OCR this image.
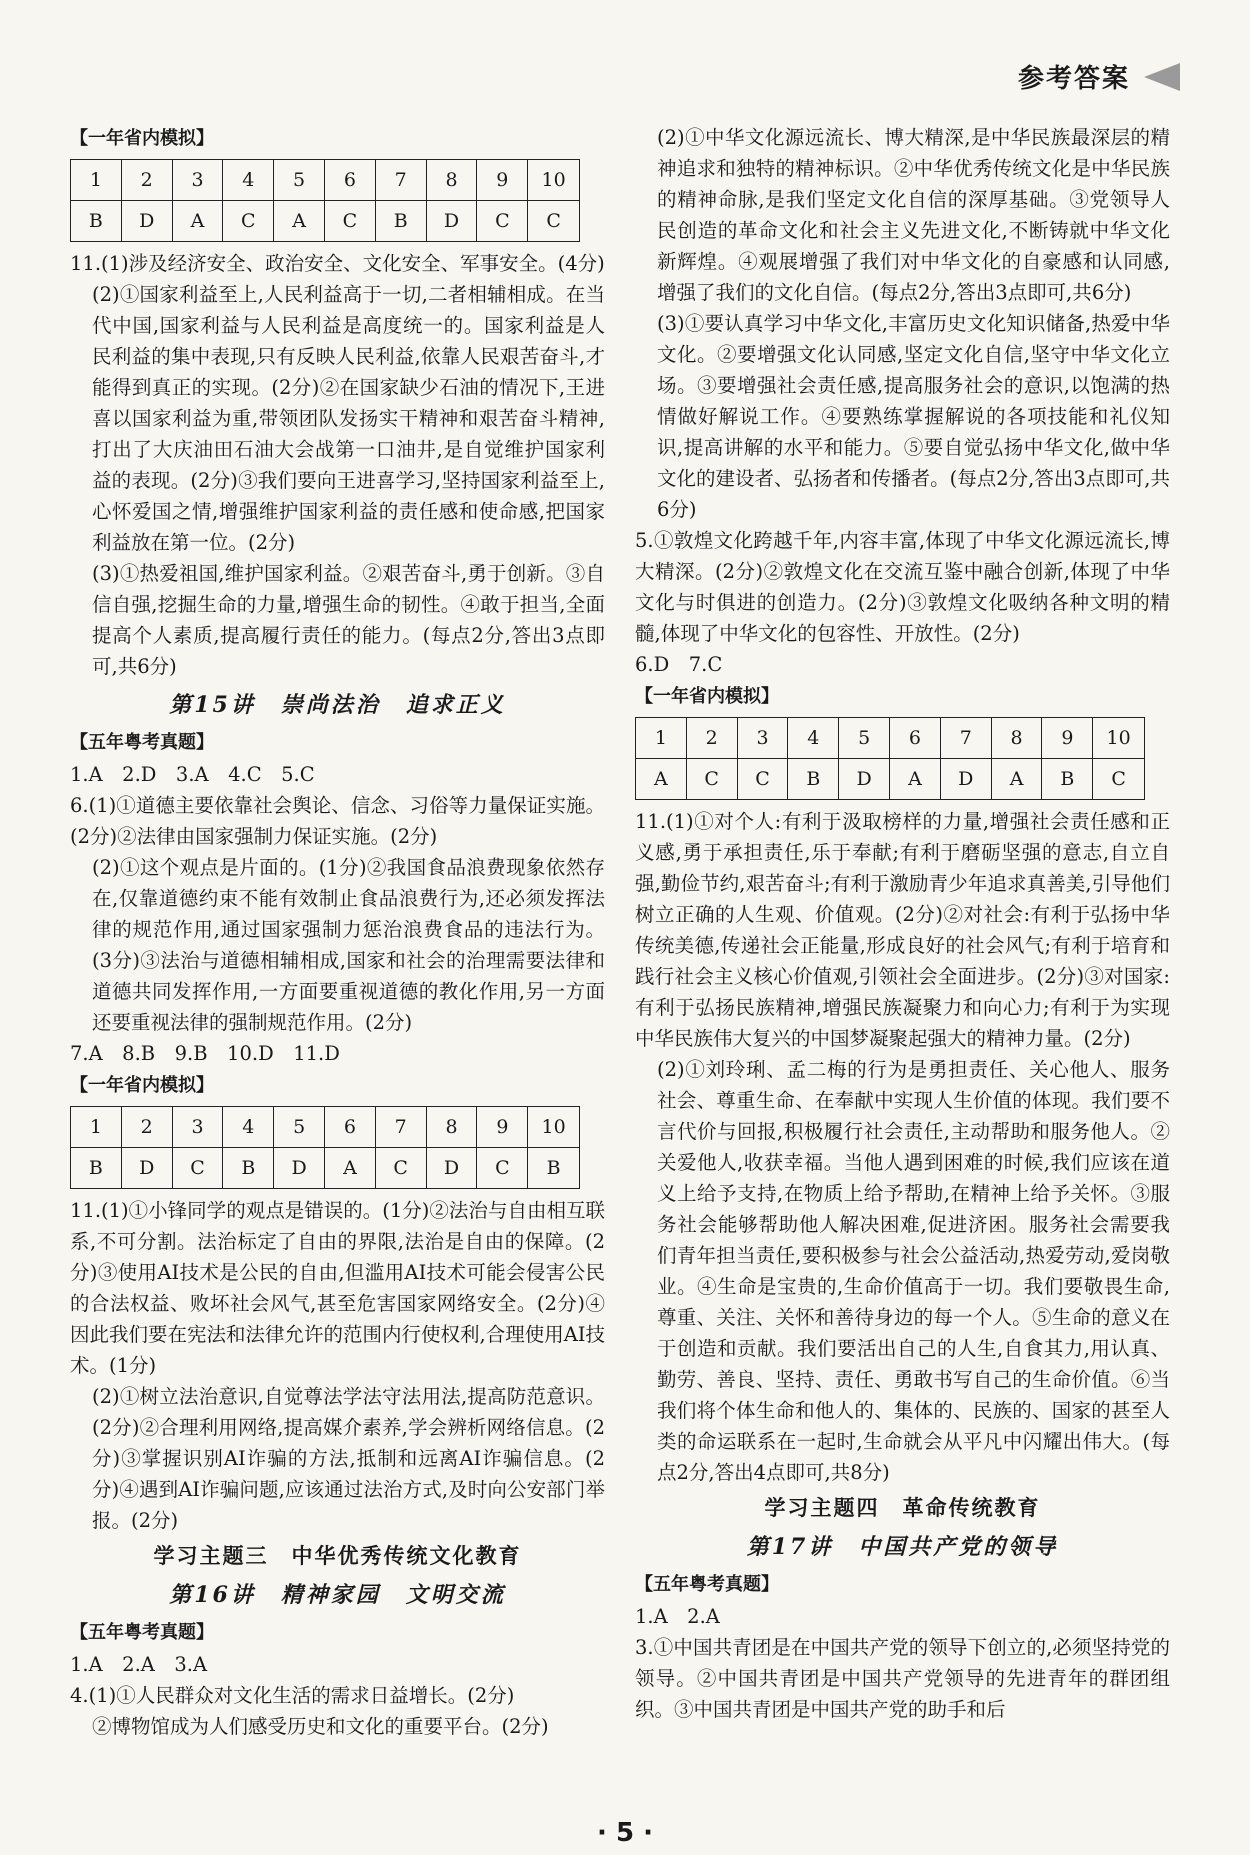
参考答案
【一年省内模拟】
1	2	3	4	5	6	7	8	9	10
B	D	A	C	A	C	B	D	C	C

11.(1)涉及经济安全、政治安全、文化安全、军事安全。(4分)

(2)①国家利益至上,人民利益高于一切,二者相辅相成。在当代中国,国家利益与人民利益是高度统一的。国家利益是人民利益的集中表现,只有反映人民利益,依靠人民艰苦奋斗,才能得到真正的实现。(2分)②在国家缺少石油的情况下,王进喜以国家利益为重,带领团队发扬实干精神和艰苦奋斗精神,打出了大庆油田石油大会战第一口油井,是自觉维护国家利益的表现。(2分)③我们要向王进喜学习,坚持国家利益至上,心怀爱国之情,增强维护国家利益的责任感和使命感,把国家利益放在第一位。(2分)

(3)①热爱祖国,维护国家利益。②艰苦奋斗,勇于创新。③自信自强,挖掘生命的力量,增强生命的韧性。④敢于担当,全面提高个人素质,提高履行责任的能力。(每点2分,答出3点即可,共6分)

第15讲　崇尚法治　追求正义
【五年粤考真题】

1.A　2.D　3.A　4.C　5.C

6.(1)①道德主要依靠社会舆论、信念、习俗等力量保证实施。(2分)②法律由国家强制力保证实施。(2分)

(2)①这个观点是片面的。(1分)②我国食品浪费现象依然存在,仅靠道德约束不能有效制止食品浪费行为,还必须发挥法律的规范作用,通过国家强制力惩治浪费食品的违法行为。(3分)③法治与道德相辅相成,国家和社会的治理需要法律和道德共同发挥作用,一方面要重视道德的教化作用,另一方面还要重视法律的强制规范作用。(2分)

7.A　8.B　9.B　10.D　11.D

【一年省内模拟】
1	2	3	4	5	6	7	8	9	10
B	D	C	B	D	A	C	D	C	B

11.(1)①小锋同学的观点是错误的。(1分)②法治与自由相互联系,不可分割。法治标定了自由的界限,法治是自由的保障。(2分)③使用AI技术是公民的自由,但滥用AI技术可能会侵害公民的合法权益、败坏社会风气,甚至危害国家网络安全。(2分)④因此我们要在宪法和法律允许的范围内行使权利,合理使用AI技术。(1分)

(2)①树立法治意识,自觉尊法学法守法用法,提高防范意识。(2分)②合理利用网络,提高媒介素养,学会辨析网络信息。(2分)③掌握识别AI诈骗的方法,抵制和远离AI诈骗信息。(2分)④遇到AI诈骗问题,应该通过法治方式,及时向公安部门举报。(2分)

学习主题三　中华优秀传统文化教育
第16讲　精神家园　文明交流
【五年粤考真题】

1.A　2.A　3.A

4.(1)①人民群众对文化生活的需求日益增长。(2分)

②博物馆成为人们感受历史和文化的重要平台。(2分)

(2)①中华文化源远流长、博大精深,是中华民族最深层的精神追求和独特的精神标识。②中华优秀传统文化是中华民族的精神命脉,是我们坚定文化自信的深厚基础。③党领导人民创造的革命文化和社会主义先进文化,不断铸就中华文化新辉煌。④观展增强了我们对中华文化的自豪感和认同感,增强了我们的文化自信。(每点2分,答出3点即可,共6分)

(3)①要认真学习中华文化,丰富历史文化知识储备,热爱中华文化。②要增强文化认同感,坚定文化自信,坚守中华文化立场。③要增强社会责任感,提高服务社会的意识,以饱满的热情做好解说工作。④要熟练掌握解说的各项技能和礼仪知识,提高讲解的水平和能力。⑤要自觉弘扬中华文化,做中华文化的建设者、弘扬者和传播者。(每点2分,答出3点即可,共6分)

5.①敦煌文化跨越千年,内容丰富,体现了中华文化源远流长,博大精深。(2分)②敦煌文化在交流互鉴中融合创新,体现了中华文化与时俱进的创造力。(2分)③敦煌文化吸纳各种文明的精髓,体现了中华文化的包容性、开放性。(2分)

6.D　7.C

【一年省内模拟】
1	2	3	4	5	6	7	8	9	10
A	C	C	B	D	A	D	A	B	C

11.(1)①对个人:有利于汲取榜样的力量,增强社会责任感和正义感,勇于承担责任,乐于奉献;有利于磨砺坚强的意志,自立自强,勤俭节约,艰苦奋斗;有利于激励青少年追求真善美,引导他们树立正确的人生观、价值观。(2分)②对社会:有利于弘扬中华传统美德,传递社会正能量,形成良好的社会风气;有利于培育和践行社会主义核心价值观,引领社会全面进步。(2分)③对国家:有利于弘扬民族精神,增强民族凝聚力和向心力;有利于为实现中华民族伟大复兴的中国梦凝聚起强大的精神力量。(2分)

(2)①刘玲琍、孟二梅的行为是勇担责任、关心他人、服务社会、尊重生命、在奉献中实现人生价值的体现。我们要不言代价与回报,积极履行社会责任,主动帮助和服务他人。②关爱他人,收获幸福。当他人遇到困难的时候,我们应该在道义上给予支持,在物质上给予帮助,在精神上给予关怀。③服务社会能够帮助他人解决困难,促进济困。服务社会需要我们青年担当责任,要积极参与社会公益活动,热爱劳动,爱岗敬业。④生命是宝贵的,生命价值高于一切。我们要敬畏生命,尊重、关注、关怀和善待身边的每一个人。⑤生命的意义在于创造和贡献。我们要活出自己的人生,自食其力,用认真、勤劳、善良、坚持、责任、勇敢书写自己的生命价值。⑥当我们将个体生命和他人的、集体的、民族的、国家的甚至人类的命运联系在一起时,生命就会从平凡中闪耀出伟大。(每点2分,答出4点即可,共8分)

学习主题四　革命传统教育
第17讲　中国共产党的领导
【五年粤考真题】

1.A　2.A

3.①中国共青团是在中国共产党的领导下创立的,必须坚持党的领导。②中国共青团是中国共产党领导的先进青年的群团组织。③中国共青团是中国共产党的助手和后

· 5 ·
